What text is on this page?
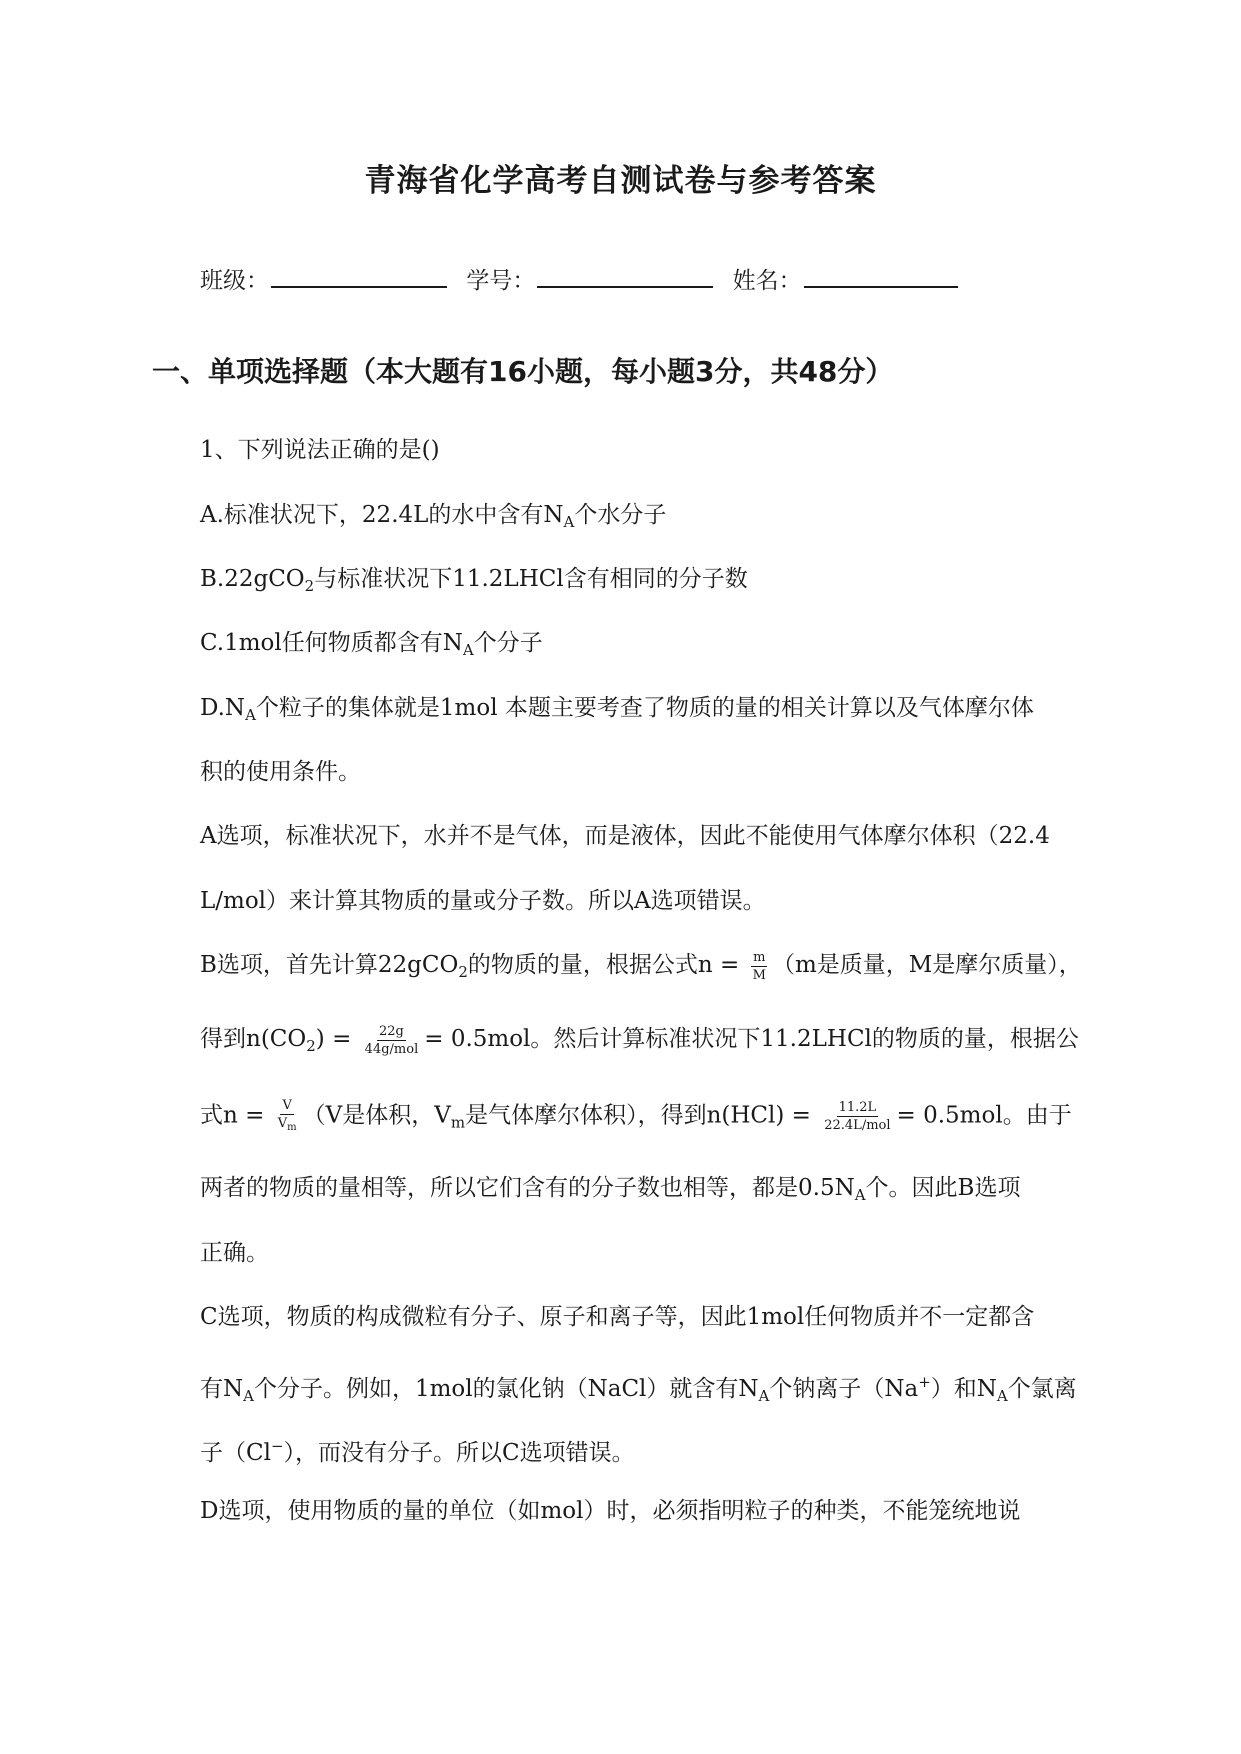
青海省化学高考自测试卷与参考答案
班级：	学号：	姓名：
一、单项选择题（本大题有16小题，每小题3分，共48分）
1、下列说法正确的是()
A.标准状况下，22.4L的水中含有$N_A$个水分子
B.22gCO$_2$与标准状况下11.2LHCl含有相同的分子数
C.1mol任何物质都含有$N_A$个分子
$D.N_A$个粒子的集体就是1mol 本题主要考查了物质的量的相关计算以及气体摩尔体
积的使用条件。
A选项，标准状况下，水并不是气体，而是液体，因此不能使用气体摩尔体积（22.4
L/mol）来计算其物质的量或分子数。所以A选项错误。
B选项，首先计算22gCO$_2$的物质的量，根据公式$n = \frac{m}{M} (m$是质量，M是摩尔质量），
得到$n(CO_2) = \frac{22g}{\text{44g/mol}} = 0.5mol$。然后计算标准状况下11.2LHCl的物质的量，根据公
式$n = \frac{V}{V_m} (V$是体积，$V_m$是气体摩尔体积），得到$n(HCl) = \frac{11.2L}{\text{22.4L/mol}} = 0.5mol$。由于
两者的物质的量相等，所以它们含有的分子数也相等，都是$0.5N_A$个。因此B选项
正确。
C选项，物质的构成微粒有分子、原子和离子等，因此1mol任何物质并不一定都含
有$N_A$个分子。例如，1mol的氯化钠（NaCl）就含有$N_A$个钠离子（Na+）和$N_A$个氯离
子（Cl−），而没有分子。所以C选项错误。
D选项，使用物质的量的单位（如mol）时，必须指明粒子的种类，不能笼统地说
